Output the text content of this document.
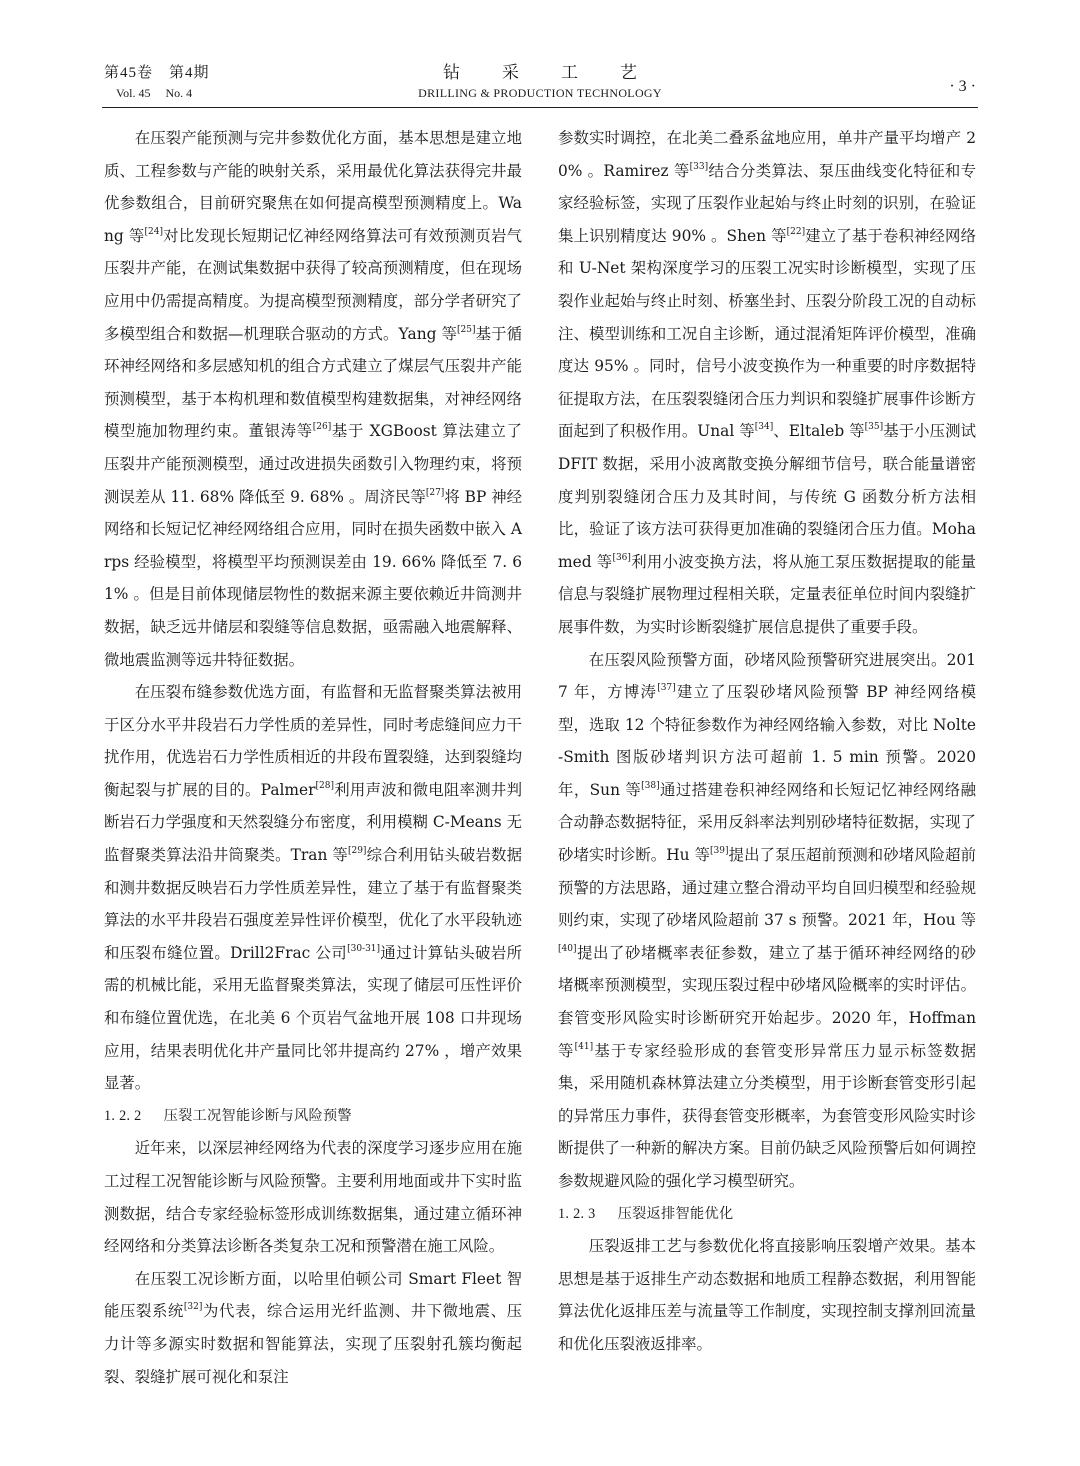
第45卷　第4期
Vol. 45　 No. 4
钻采工艺
DRILLING & PRODUCTION TECHNOLOGY	· 3 ·

在压裂产能预测与完井参数优化方面，基本思想是建立地质、工程参数与产能的映射关系，采用最优化算法获得完井最优参数组合，目前研究聚焦在如何提高模型预测精度上。Wang 等[24]对比发现长短期记忆神经网络算法可有效预测页岩气压裂井产能，在测试集数据中获得了较高预测精度，但在现场应用中仍需提高精度。为提高模型预测精度，部分学者研究了多模型组合和数据—机理联合驱动的方式。Yang 等[25]基于循环神经网络和多层感知机的组合方式建立了煤层气压裂井产能预测模型，基于本构机理和数值模型构建数据集，对神经网络模型施加物理约束。董银涛等[26]基于 XGBoost 算法建立了压裂井产能预测模型，通过改进损失函数引入物理约束，将预测误差从 11. 68% 降低至 9. 68% 。周济民等[27]将 BP 神经网络和长短记忆神经网络组合应用，同时在损失函数中嵌入 Arps 经验模型，将模型平均预测误差由 19. 66% 降低至 7. 61% 。但是目前体现储层物性的数据来源主要依赖近井筒测井数据，缺乏远井储层和裂缝等信息数据，亟需融入地震解释、微地震监测等远井特征数据。

在压裂布缝参数优选方面，有监督和无监督聚类算法被用于区分水平井段岩石力学性质的差异性，同时考虑缝间应力干扰作用，优选岩石力学性质相近的井段布置裂缝，达到裂缝均衡起裂与扩展的目的。Palmer[28]利用声波和微电阻率测井判断岩石力学强度和天然裂缝分布密度，利用模糊 C-Means 无监督聚类算法沿井筒聚类。Tran 等[29]综合利用钻头破岩数据和测井数据反映岩石力学性质差异性，建立了基于有监督聚类算法的水平井段岩石强度差异性评价模型，优化了水平段轨迹和压裂布缝位置。Drill2Frac 公司[30-31]通过计算钻头破岩所需的机械比能，采用无监督聚类算法，实现了储层可压性评价和布缝位置优选，在北美 6 个页岩气盆地开展 108 口井现场应用，结果表明优化井产量同比邻井提高约 27% ，增产效果显著。

1. 2. 2 压裂工况智能诊断与风险预警

近年来，以深层神经网络为代表的深度学习逐步应用在施工过程工况智能诊断与风险预警。主要利用地面或井下实时监测数据，结合专家经验标签形成训练数据集，通过建立循环神经网络和分类算法诊断各类复杂工况和预警潜在施工风险。

在压裂工况诊断方面，以哈里伯顿公司 Smart Fleet 智能压裂系统[32]为代表，综合运用光纤监测、井下微地震、压力计等多源实时数据和智能算法，实现了压裂射孔簇均衡起裂、裂缝扩展可视化和泵注

参数实时调控，在北美二叠系盆地应用，单井产量平均增产 20% 。Ramirez 等[33]结合分类算法、泵压曲线变化特征和专家经验标签，实现了压裂作业起始与终止时刻的识别，在验证集上识别精度达 90% 。Shen 等[22]建立了基于卷积神经网络和 U-Net 架构深度学习的压裂工况实时诊断模型，实现了压裂作业起始与终止时刻、桥塞坐封、压裂分阶段工况的自动标注、模型训练和工况自主诊断，通过混淆矩阵评价模型，准确度达 95% 。同时，信号小波变换作为一种重要的时序数据特征提取方法，在压裂裂缝闭合压力判识和裂缝扩展事件诊断方面起到了积极作用。Unal 等[34]、Eltaleb 等[35]基于小压测试 DFIT 数据，采用小波离散变换分解细节信号，联合能量谱密度判别裂缝闭合压力及其时间，与传统 G 函数分析方法相比，验证了该方法可获得更加准确的裂缝闭合压力值。Mohamed 等[36]利用小波变换方法，将从施工泵压数据提取的能量信息与裂缝扩展物理过程相关联，定量表征单位时间内裂缝扩展事件数，为实时诊断裂缝扩展信息提供了重要手段。

在压裂风险预警方面，砂堵风险预警研究进展突出。2017 年，方博涛[37]建立了压裂砂堵风险预警 BP 神经网络模型，选取 12 个特征参数作为神经网络输入参数，对比 Nolte-Smith 图版砂堵判识方法可超前 1. 5 min 预警。2020 年，Sun 等[38]通过搭建卷积神经网络和长短记忆神经网络融合动静态数据特征，采用反斜率法判别砂堵特征数据，实现了砂堵实时诊断。Hu 等[39]提出了泵压超前预测和砂堵风险超前预警的方法思路，通过建立整合滑动平均自回归模型和经验规则约束，实现了砂堵风险超前 37 s 预警。2021 年，Hou 等[40]提出了砂堵概率表征参数，建立了基于循环神经网络的砂堵概率预测模型，实现压裂过程中砂堵风险概率的实时评估。套管变形风险实时诊断研究开始起步。2020 年，Hoffman 等[41]基于专家经验形成的套管变形异常压力显示标签数据集，采用随机森林算法建立分类模型，用于诊断套管变形引起的异常压力事件，获得套管变形概率，为套管变形风险实时诊断提供了一种新的解决方案。目前仍缺乏风险预警后如何调控参数规避风险的强化学习模型研究。

1. 2. 3 压裂返排智能优化

压裂返排工艺与参数优化将直接影响压裂增产效果。基本思想是基于返排生产动态数据和地质工程静态数据，利用智能算法优化返排压差与流量等工作制度，实现控制支撑剂回流量和优化压裂液返排率。
